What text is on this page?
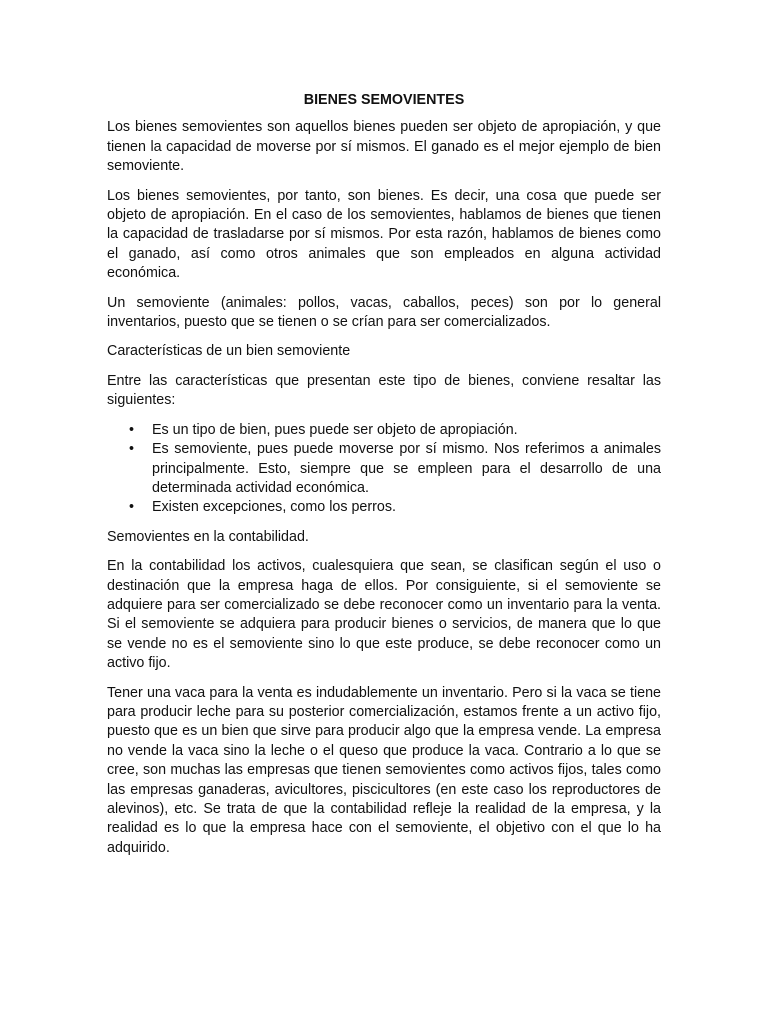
BIENES SEMOVIENTES

Los bienes semovientes son aquellos bienes pueden ser objeto de apropiación, y que tienen la capacidad de moverse por sí mismos. El ganado es el mejor ejemplo de bien semoviente.

Los bienes semovientes, por tanto, son bienes. Es decir, una cosa que puede ser objeto de apropiación. En el caso de los semovientes, hablamos de bienes que tienen la capacidad de trasladarse por sí mismos. Por esta razón, hablamos de bienes como el ganado, así como otros animales que son empleados en alguna actividad económica.

Un semoviente (animales: pollos, vacas, caballos, peces) son por lo general inventarios, puesto que se tienen o se crían para ser comercializados.

Características de un bien semoviente

Entre las características que presentan este tipo de bienes, conviene resaltar las siguientes:

• Es un tipo de bien, pues puede ser objeto de apropiación.
• Es semoviente, pues puede moverse por sí mismo. Nos referimos a animales principalmente. Esto, siempre que se empleen para el desarrollo de una determinada actividad económica.
• Existen excepciones, como los perros.

Semovientes en la contabilidad.

En la contabilidad los activos, cualesquiera que sean, se clasifican según el uso o destinación que la empresa haga de ellos. Por consiguiente, si el semoviente se adquiere para ser comercializado se debe reconocer como un inventario para la venta. Si el semoviente se adquiera para producir bienes o servicios, de manera que lo que se vende no es el semoviente sino lo que este produce, se debe reconocer como un activo fijo.

Tener una vaca para la venta es indudablemente un inventario. Pero si la vaca se tiene para producir leche para su posterior comercialización, estamos frente a un activo fijo, puesto que es un bien que sirve para producir algo que la empresa vende. La empresa no vende la vaca sino la leche o el queso que produce la vaca. Contrario a lo que se cree, son muchas las empresas que tienen semovientes como activos fijos, tales como las empresas ganaderas, avicultores, piscicultores (en este caso los reproductores de alevinos), etc. Se trata de que la contabilidad refleje la realidad de la empresa, y la realidad es lo que la empresa hace con el semoviente, el objetivo con el que lo ha adquirido.
